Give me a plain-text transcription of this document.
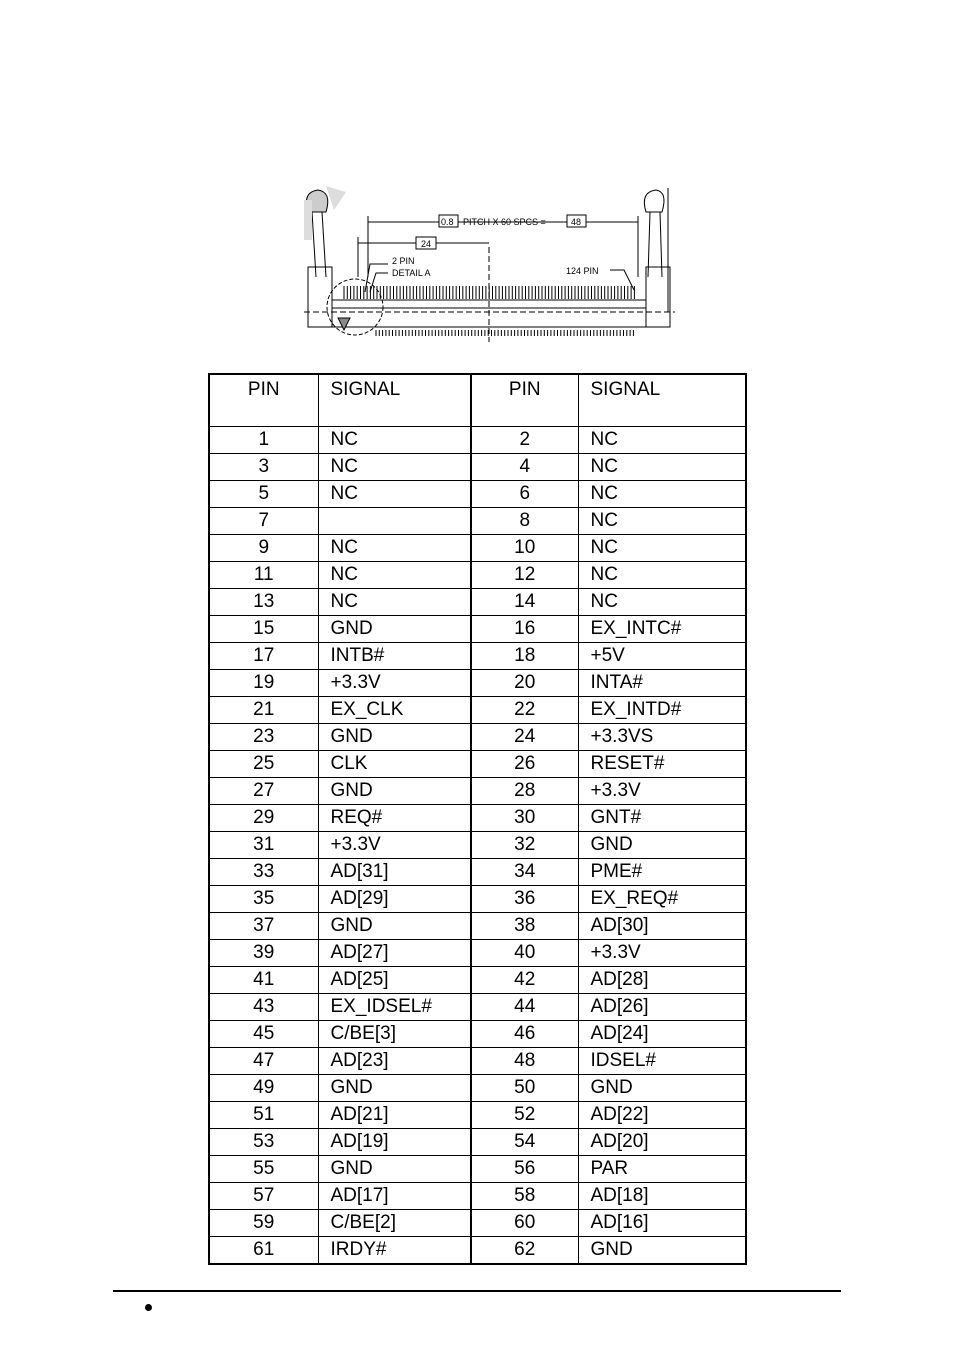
0.8 PITCH X 60 SPCS =	48
24
2 PIN
DETAIL A	124 PIN
PIN	SIGNAL	PIN	SIGNAL
1	NC	2	NC
3	NC	4	NC
5	NC	6	NC
7		8	NC
9	NC	10	NC
11	NC	12	NC
13	NC	14	NC
15	GND	16	EX_INTC#
17	INTB#	18	+5V
19	+3.3V	20	INTA#
21	EX_CLK	22	EX_INTD#
23	GND	24	+3.3VS
25	CLK	26	RESET#
27	GND	28	+3.3V
29	REQ#	30	GNT#
31	+3.3V	32	GND
33	AD[31]	34	PME#
35	AD[29]	36	EX_REQ#
37	GND	38	AD[30]
39	AD[27]	40	+3.3V
41	AD[25]	42	AD[28]
43	EX_IDSEL#	44	AD[26]
45	C/BE[3]	46	AD[24]
47	AD[23]	48	IDSEL#
49	GND	50	GND
51	AD[21]	52	AD[22]
53	AD[19]	54	AD[20]
55	GND	56	PAR
57	AD[17]	58	AD[18]
59	C/BE[2]	60	AD[16]
61	IRDY#	62	GND
